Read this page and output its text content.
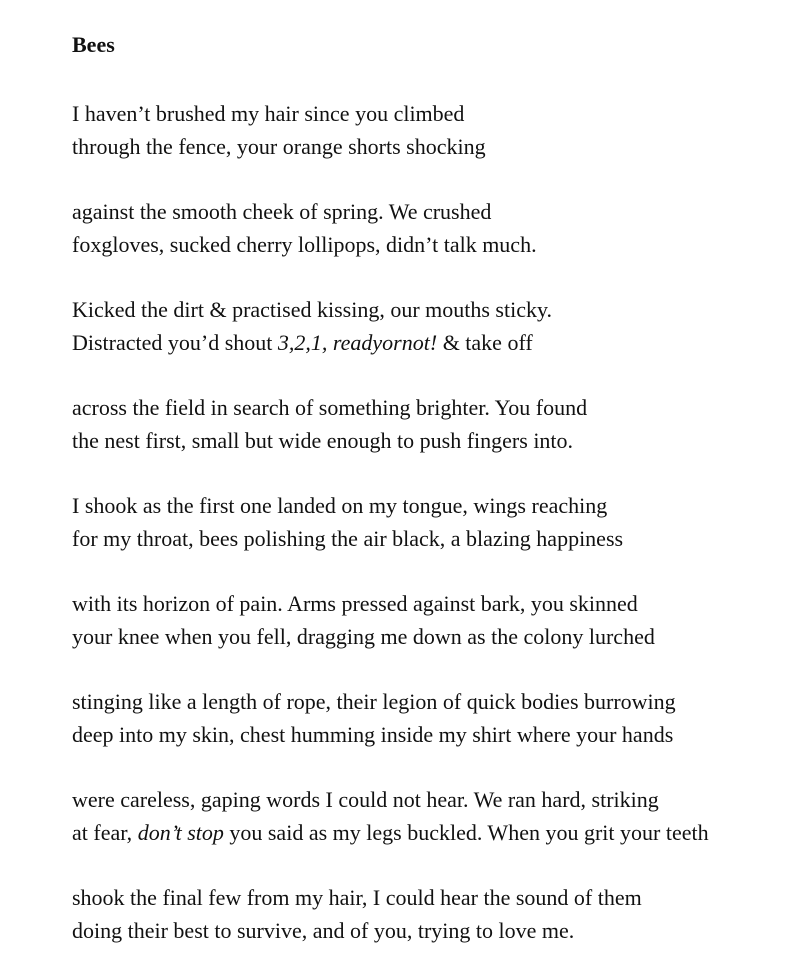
Bees
I haven’t brushed my hair since you climbed
through the fence, your orange shorts shocking
against the smooth cheek of spring. We crushed
foxgloves, sucked cherry lollipops, didn’t talk much.
Kicked the dirt & practised kissing, our mouths sticky.
Distracted you’d shout 3,2,1, readyornot! & take off
across the field in search of something brighter. You found
the nest first, small but wide enough to push fingers into.
I shook as the first one landed on my tongue, wings reaching
for my throat, bees polishing the air black, a blazing happiness
with its horizon of pain. Arms pressed against bark, you skinned
your knee when you fell, dragging me down as the colony lurched
stinging like a length of rope, their legion of quick bodies burrowing
deep into my skin, chest humming inside my shirt where your hands
were careless, gaping words I could not hear. We ran hard, striking
at fear, don’t stop you said as my legs buckled. When you grit your teeth
shook the final few from my hair, I could hear the sound of them
doing their best to survive, and of you, trying to love me.
